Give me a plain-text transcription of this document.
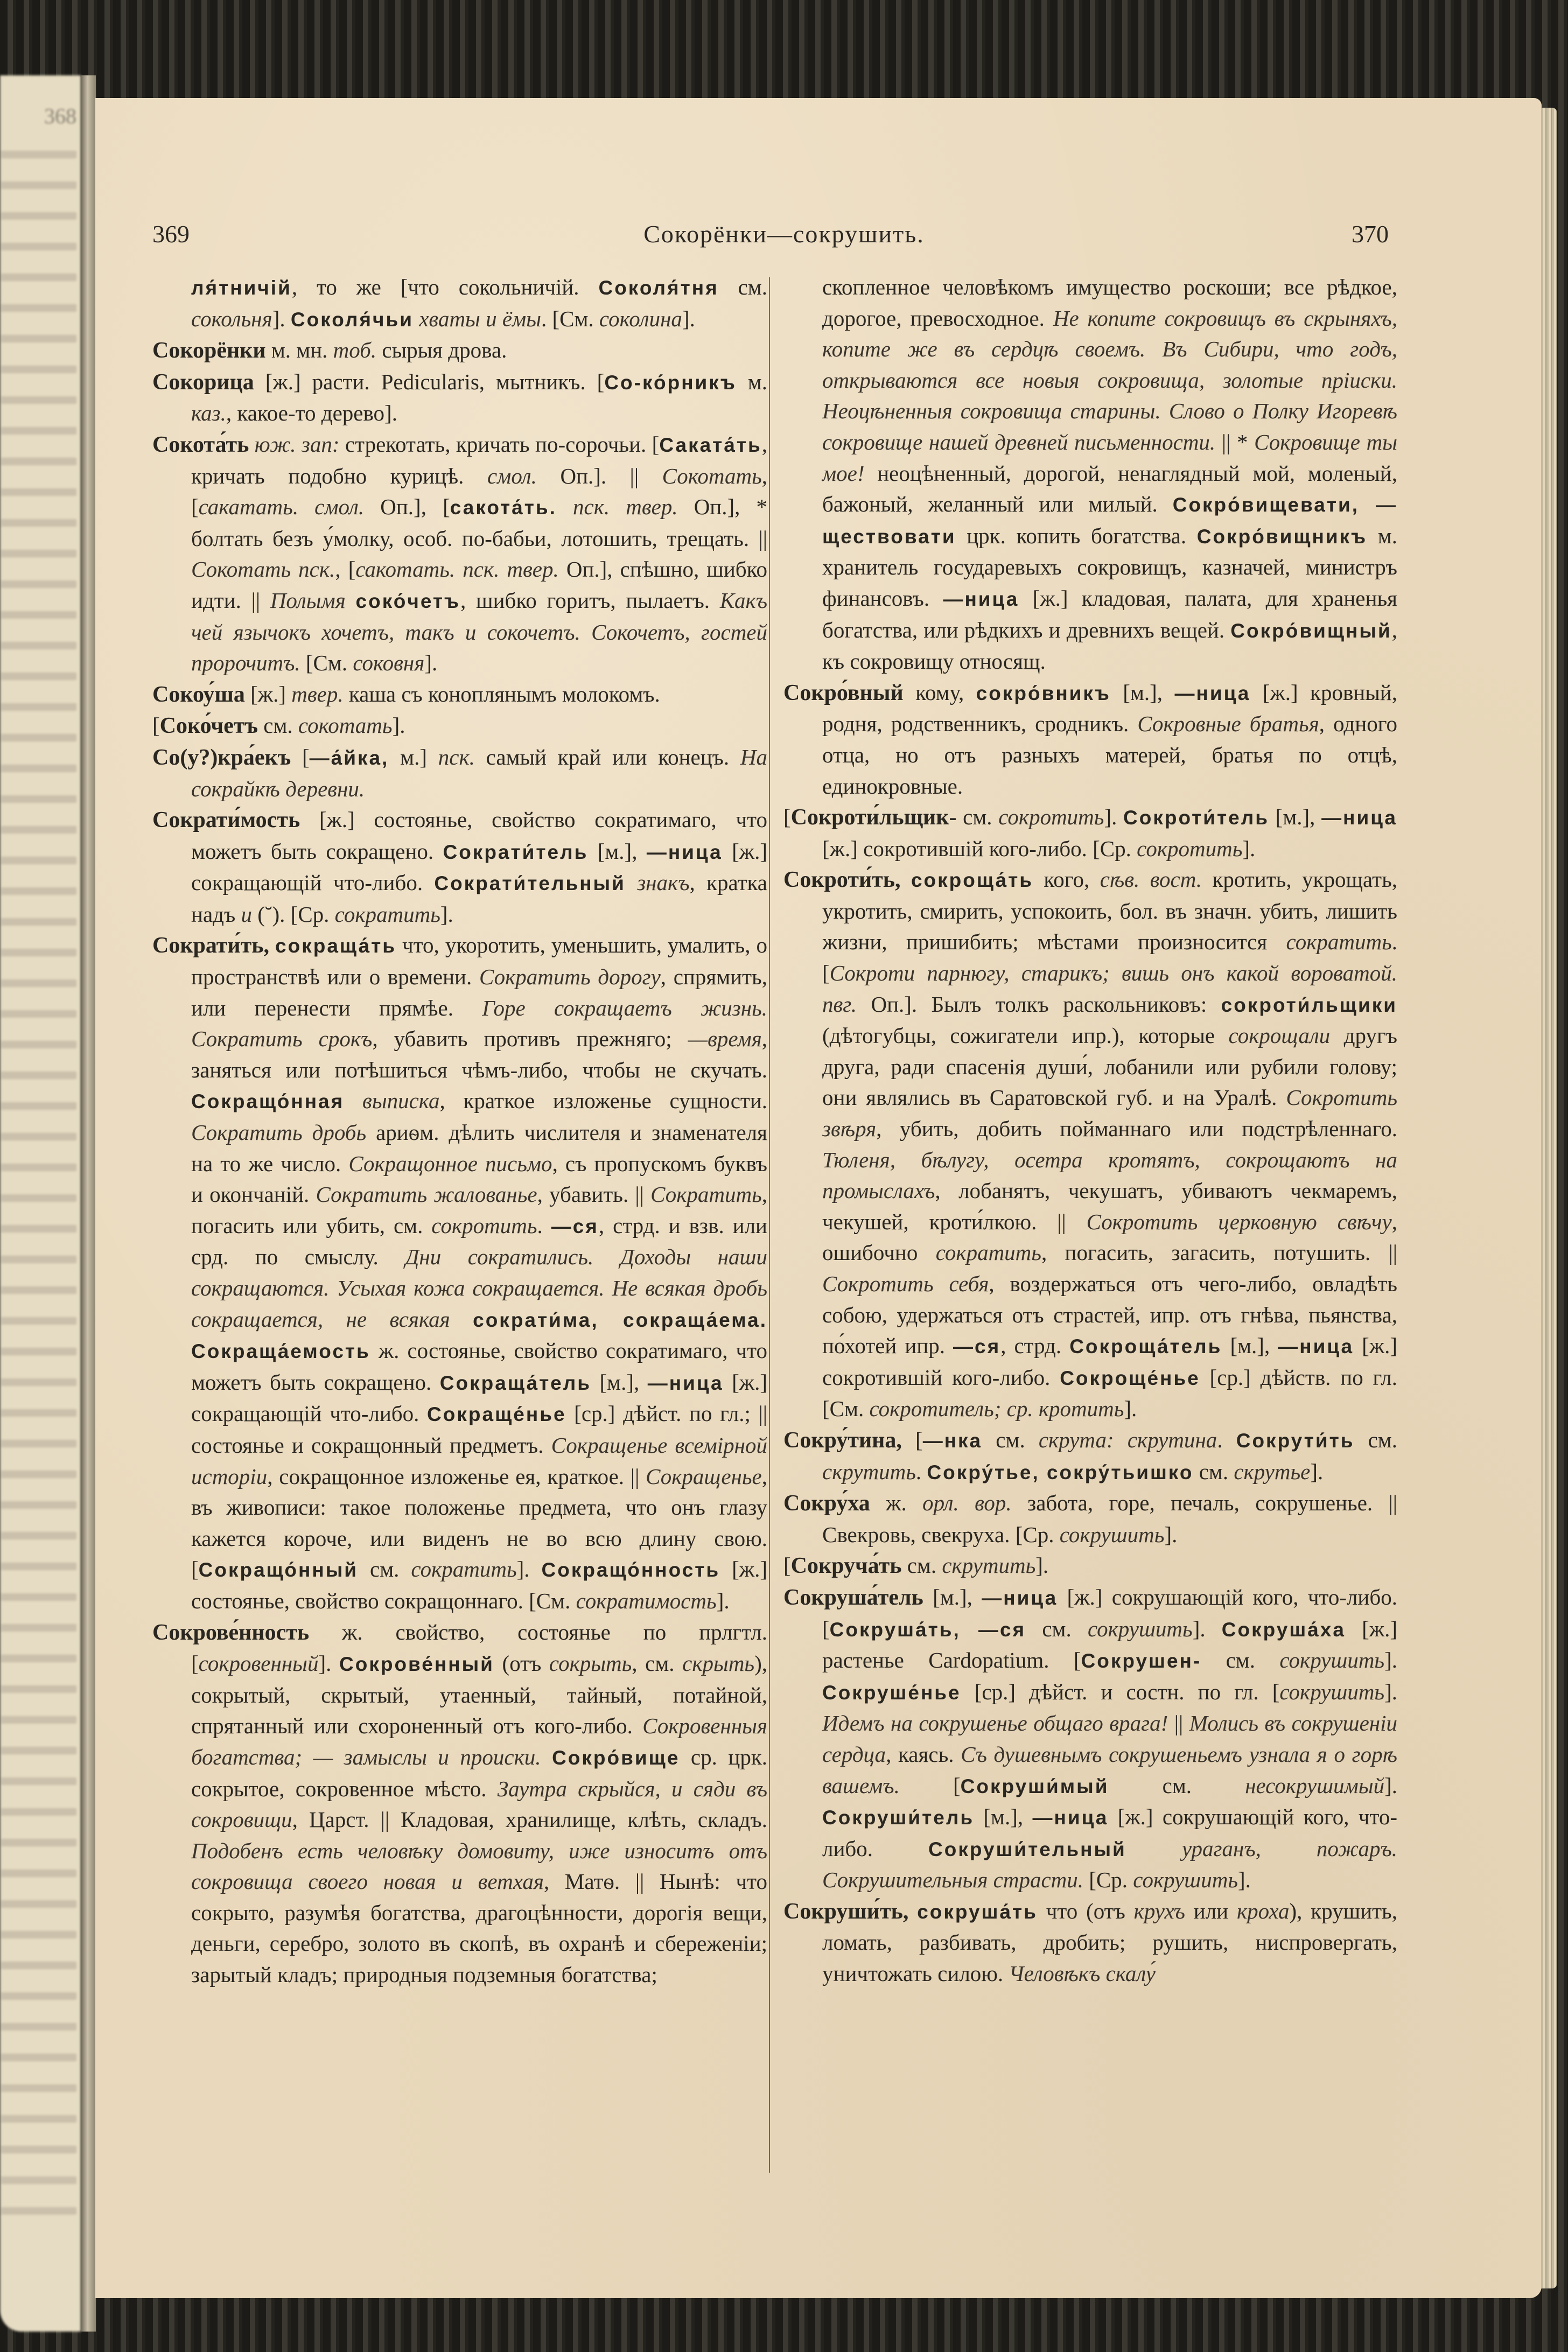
368
369	Сокорёнки—сокрушить.	370

ля́тничій, то же [что сокольничій. Соколя́тня см. сокольня]. Соколя́чьи хваты и ёмы. [См. соколина].

Сокорёнки м. мн. тоб. сырыя дрова.

Сокорица [ж.] расти. Pedicularis, мытникъ. [Со-ко́рникъ м. каз., какое-то дерево].

Сокота́ть юж. зап: стрекотать, кричать по-сорочьи. [Саката́ть, кричать подобно курицѣ. смол. Оп.]. || Сокотать, [сакатать. смол. Оп.], [сакота́ть. пск. твер. Оп.], * болтать безъ у́молку, особ. по-бабьи, лотошить, трещать. || Сокотать пск., [сакотать. пск. твер. Оп.], спѣшно, шибко идти. || Полымя соко́четъ, шибко горитъ, пылаетъ. Какъ чей язычокъ хочетъ, такъ и сокочетъ. Сокочетъ, гостей пророчитъ. [См. соковня].

Сокоу́ша [ж.] твер. каша съ коноплянымъ молокомъ.

[Соко́четъ см. сокотать].

Со(у?)кра́екъ [—а́йка, м.] пск. самый край или конецъ. На сокрайкѣ деревни.

Сократи́мость [ж.] состоянье, свойство сократимаго, что можетъ быть сокращено. Сократи́тель [м.], —ница [ж.] сокращающій что-либо. Сократи́тельный знакъ, кратка надъ и (˘). [Ср. сократить].

Сократи́ть, сокраща́ть что, укоротить, уменьшить, умалить, о пространствѣ или о времени. Сократить дорогу, спрямить, или перенести прямѣе. Горе сокращаетъ жизнь. Сократить срокъ, убавить противъ прежняго; —время, заняться или потѣшиться чѣмъ-либо, чтобы не скучать. Сокращо́нная выписка, краткое изложенье сущности. Сократить дробь ариѳм. дѣлить числителя и знаменателя на то же число. Сокращонное письмо, съ пропускомъ буквъ и окончаній. Сократить жалованье, убавить. || Сократить, погасить или убить, см. сокротить. —ся, стрд. и взв. или срд. по смыслу. Дни сократились. Доходы наши сокращаются. Усыхая кожа сокращается. Не всякая дробь сокращается, не всякая сократи́ма, сокраща́ема. Сокраща́емость ж. состоянье, свойство сократимаго, что можетъ быть сокращено. Сокраща́тель [м.], —ница [ж.] сокращающій что-либо. Сокраще́нье [ср.] дѣйст. по гл.; || состоянье и сокращонный предметъ. Сокращенье всемірной исторіи, сокращонное изложенье ея, краткое. || Сокращенье, въ живописи: такое положенье предмета, что онъ глазу кажется короче, или виденъ не во всю длину свою. [Сокращо́нный см. сократить]. Сокращо́нность [ж.] состоянье, свойство сокращоннаго. [См. сократимость].

Сокрове́нность ж. свойство, состоянье по прлгтл. [сокровенный]. Сокрове́нный (отъ сокрыть, см. скрыть), сокрытый, скрытый, утаенный, тайный, потайной, спрятанный или схороненный отъ кого-либо. Сокровенныя богатства; — замыслы и происки. Сокро́вище ср. црк. сокрытое, сокровенное мѣсто. Заутра скрыйся, и сяди въ сокровищи, Царст. || Кладовая, хранилище, клѣть, складъ. Подобенъ есть человѣку домовиту, иже износитъ отъ сокровища своего новая и ветхая, Матѳ. || Нынѣ: что сокрыто, разумѣя богатства, драгоцѣнности, дорогія вещи, деньги, серебро, золото въ скопѣ, въ охранѣ и сбереженіи; зарытый кладъ; природныя подземныя богатства;

скопленное человѣкомъ имущество роскоши; все рѣдкое, дорогое, превосходное. Не копите сокровищъ въ скрыняхъ, копите же въ сердцѣ своемъ. Въ Сибири, что годъ, открываются все новыя сокровища, золотые пріиски. Неоцѣненныя сокровища старины. Слово о Полку Игоревѣ сокровище нашей древней письменности. || * Сокровище ты мое! неоцѣненный, дорогой, ненаглядный мой, моленый, бажоный, желанный или милый. Сокро́вищевати, —ществовати црк. копить богатства. Сокро́вищникъ м. хранитель государевыхъ сокровищъ, казначей, министръ финансовъ. —ница [ж.] кладовая, палата, для храненья богатства, или рѣдкихъ и древнихъ вещей. Сокро́вищный, къ сокровищу относящ.

Сокро́вный кому, сокро́вникъ [м.], —ница [ж.] кровный, родня, родственникъ, сродникъ. Сокровные братья, одного отца, но отъ разныхъ матерей, братья по отцѣ, единокровные.

[Сокроти́льщик- см. сокротить]. Сокроти́тель [м.], —ница [ж.] сокротившій кого-либо. [Ср. сокротить].

Сокроти́ть, сокроща́ть кого, сѣв. вост. кротить, укрощать, укротить, смирить, успокоить, бол. въ значн. убить, лишить жизни, пришибить; мѣстами произносится сократить. [Сокроти парнюгу, старикъ; вишь онъ какой вороватой. пвг. Оп.]. Былъ толкъ раскольниковъ: сокроти́льщики (дѣтогубцы, сожигатели ипр.), которые сокрощали другъ друга, ради спасенія души́, лобанили или рубили голову; они являлись въ Саратовской губ. и на Уралѣ. Сокротить звѣря, убить, добить пойманнаго или подстрѣленнаго. Тюленя, бѣлугу, осетра кротятъ, сокрощаютъ на промыслахъ, лобанятъ, чекушатъ, убиваютъ чекмаремъ, чекушей, кроти́лкою. || Сокротить церковную свѣчу, ошибочно сократить, погасить, загасить, потушить. || Сокротить себя, воздержаться отъ чего-либо, овладѣть собою, удержаться отъ страстей, ипр. отъ гнѣва, пьянства, по́хотей ипр. —ся, стрд. Сокроща́тель [м.], —ница [ж.] сокротившій кого-либо. Сокроще́нье [ср.] дѣйств. по гл. [См. сокротитель; ср. кротить].

Сокру́тина, [—нка см. скрута: скрутина. Сокрути́ть см. скрутить. Сокру́тье, сокру́тьишко см. скрутье].

Сокру́ха ж. орл. вор. забота, горе, печаль, сокрушенье. || Свекровь, свекруха. [Ср. сокрушить].

[Сокруча́ть см. скрутить].

Сокруша́тель [м.], —ница [ж.] сокрушающій кого, что-либо. [Сокруша́ть, —ся см. сокрушить]. Сокруша́ха [ж.] растенье Cardopatium. [Сокрушен- см. сокрушить]. Сокруше́нье [ср.] дѣйст. и состн. по гл. [сокрушить]. Идемъ на сокрушенье общаго врага! || Молись въ сокрушеніи сердца, каясь. Съ душевнымъ сокрушеньемъ узнала я о горѣ вашемъ. [Сокруши́мый см. несокрушимый]. Сокруши́тель [м.], —ница [ж.] сокрушающій кого, что-либо. Сокруши́тельный	ураганъ, пожаръ. Сокрушительныя страсти. [Ср. сокрушить].

Сокруши́ть, сокруша́ть что (отъ крухъ или кроха), крушить, ломать, разбивать, дробить; рушить, ниспровергать, уничтожать силою. Человѣкъ скалу́
